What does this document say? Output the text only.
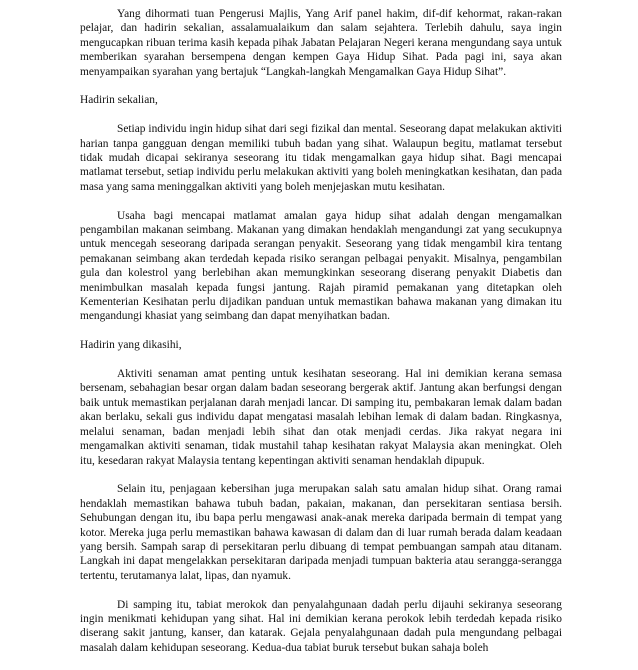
Yang dihormati tuan Pengerusi Majlis, Yang Arif panel hakim, dif-dif kehormat, rakan-rakan pelajar, dan hadirin sekalian, assalamualaikum dan salam sejahtera. Terlebih dahulu, saya ingin mengucapkan ribuan terima kasih kepada pihak Jabatan Pelajaran Negeri kerana mengundang saya untuk memberikan syarahan bersempena dengan kempen Gaya Hidup Sihat. Pada pagi ini, saya akan menyampaikan syarahan yang bertajuk “Langkah-langkah Mengamalkan Gaya Hidup Sihat”.

Hadirin sekalian,

Setiap individu ingin hidup sihat dari segi fizikal dan mental. Seseorang dapat melakukan aktiviti harian tanpa gangguan dengan memiliki tubuh badan yang sihat. Walaupun begitu, matlamat tersebut tidak mudah dicapai sekiranya seseorang itu tidak mengamalkan gaya hidup sihat. Bagi mencapai matlamat tersebut, setiap individu perlu melakukan aktiviti yang boleh meningkatkan kesihatan, dan pada masa yang sama meninggalkan aktiviti yang boleh menjejaskan mutu kesihatan.

Usaha bagi mencapai matlamat amalan gaya hidup sihat adalah dengan mengamalkan pengambilan makanan seimbang. Makanan yang dimakan hendaklah mengandungi zat yang secukupnya untuk mencegah seseorang daripada serangan penyakit. Seseorang yang tidak mengambil kira tentang pemakanan seimbang akan terdedah kepada risiko serangan pelbagai penyakit. Misalnya, pengambilan gula dan kolestrol yang berlebihan akan memungkinkan seseorang diserang penyakit Diabetis dan menimbulkan masalah kepada fungsi jantung. Rajah piramid pemakanan yang ditetapkan oleh Kementerian Kesihatan perlu dijadikan panduan untuk memastikan bahawa makanan yang dimakan itu mengandungi khasiat yang seimbang dan dapat menyihatkan badan.

Hadirin yang dikasihi,

Aktiviti senaman amat penting untuk kesihatan seseorang. Hal ini demikian kerana semasa bersenam, sebahagian besar organ dalam badan seseorang bergerak aktif. Jantung akan berfungsi dengan baik untuk memastikan perjalanan darah menjadi lancar. Di samping itu, pembakaran lemak dalam badan akan berlaku, sekali gus individu dapat mengatasi masalah lebihan lemak di dalam badan. Ringkasnya, melalui senaman, badan menjadi lebih sihat dan otak menjadi cerdas. Jika rakyat negara ini mengamalkan aktiviti senaman, tidak mustahil tahap kesihatan rakyat Malaysia akan meningkat. Oleh itu, kesedaran rakyat Malaysia tentang kepentingan aktiviti senaman hendaklah dipupuk.

Selain itu, penjagaan kebersihan juga merupakan salah satu amalan hidup sihat. Orang ramai hendaklah memastikan bahawa tubuh badan, pakaian, makanan, dan persekitaran sentiasa bersih. Sehubungan dengan itu, ibu bapa perlu mengawasi anak-anak mereka daripada bermain di tempat yang kotor. Mereka juga perlu memastikan bahawa kawasan di dalam dan di luar rumah berada dalam keadaan yang bersih. Sampah sarap di persekitaran perlu dibuang di tempat pembuangan sampah atau ditanam. Langkah ini dapat mengelakkan persekitaran daripada menjadi tumpuan bakteria atau serangga-serangga tertentu, terutamanya lalat, lipas, dan nyamuk.

Di samping itu, tabiat merokok dan penyalahgunaan dadah perlu dijauhi sekiranya seseorang ingin menikmati kehidupan yang sihat. Hal ini demikian kerana perokok lebih terdedah kepada risiko diserang sakit jantung, kanser, dan katarak. Gejala penyalahgunaan dadah pula mengundang pelbagai masalah dalam kehidupan seseorang. Kedua-dua tabiat buruk tersebut bukan sahaja boleh
